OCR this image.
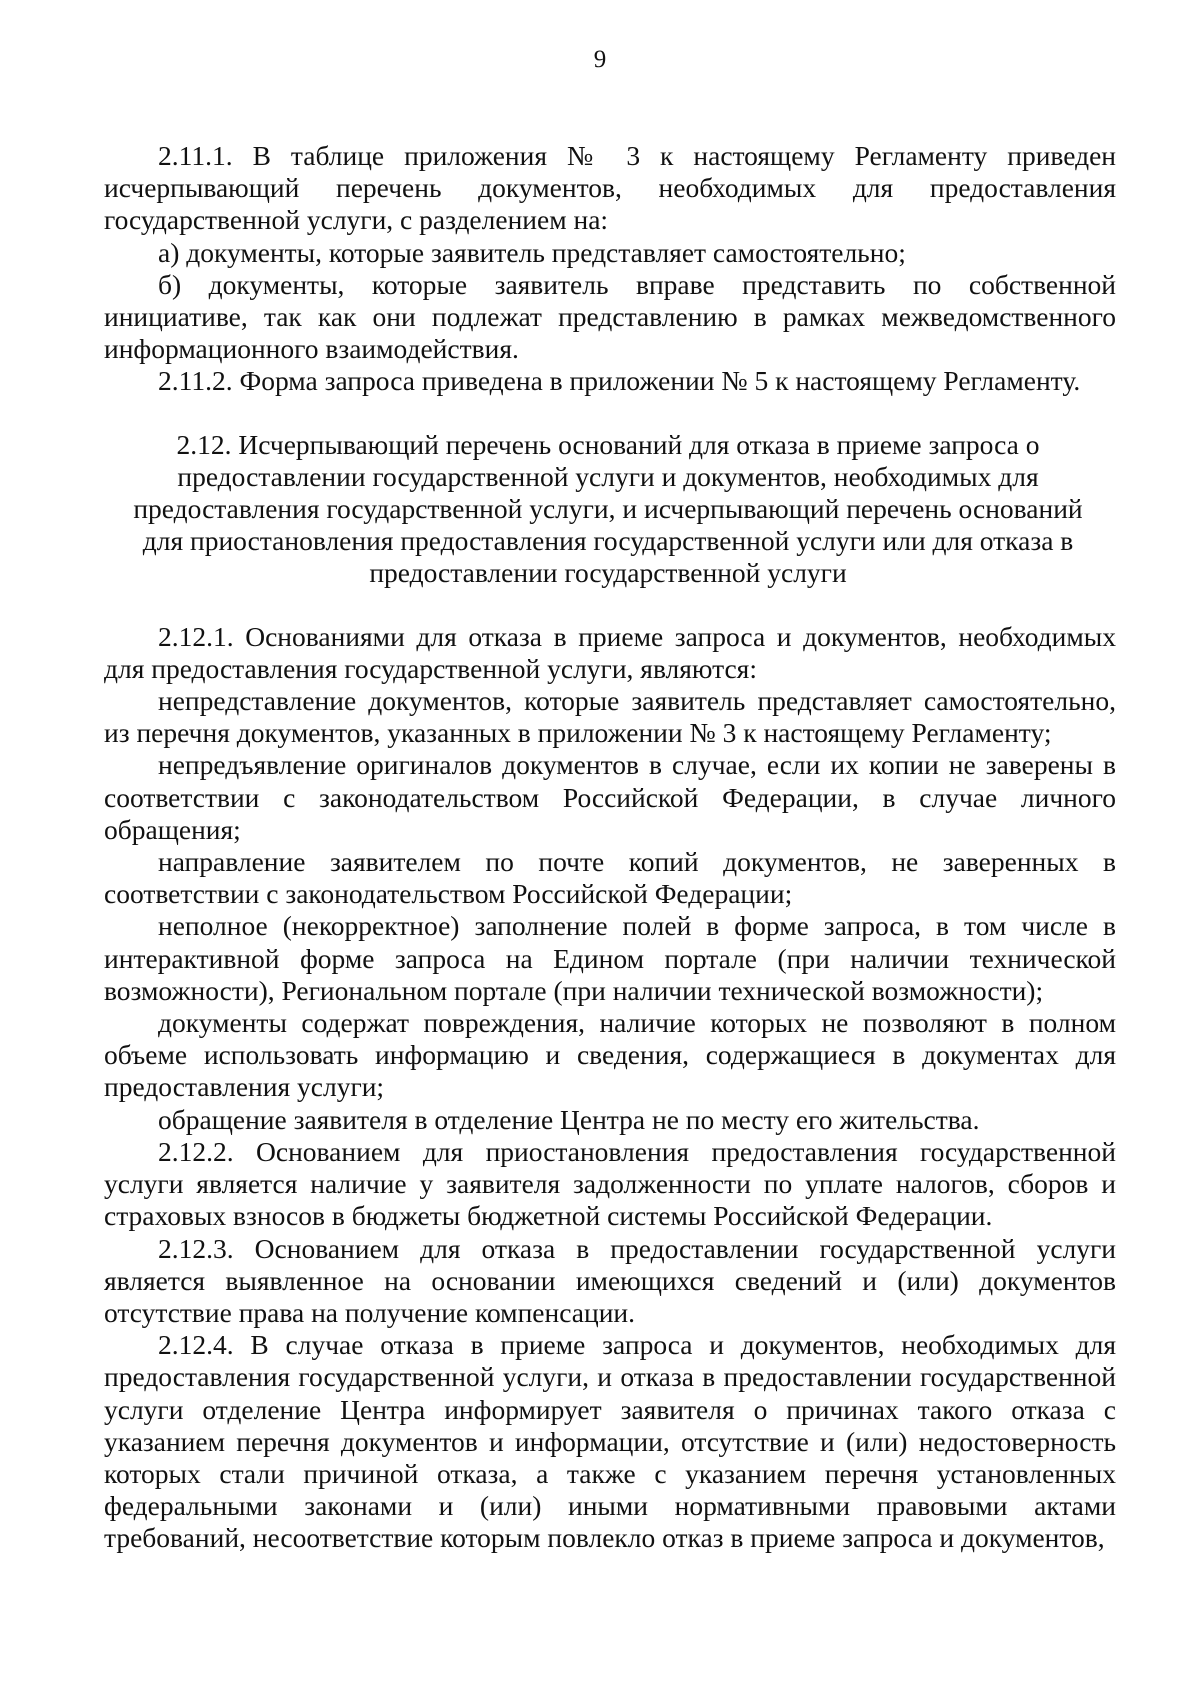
9

2.11.1. В таблице приложения № 3 к настоящему Регламенту приведен исчерпывающий перечень документов, необходимых для предоставления государственной услуги, с разделением на:

а) документы, которые заявитель представляет самостоятельно;

б) документы, которые заявитель вправе представить по собственной инициативе, так как они подлежат представлению в рамках межведомственного информационного взаимодействия.

2.11.2. Форма запроса приведена в приложении № 5 к настоящему Регламенту.

2.12. Исчерпывающий перечень оснований для отказа в приеме запроса о предоставлении государственной услуги и документов, необходимых для предоставления государственной услуги, и исчерпывающий перечень оснований для приостановления предоставления государственной услуги или для отказа в предоставлении государственной услуги

2.12.1. Основаниями для отказа в приеме запроса и документов, необходимых для предоставления государственной услуги, являются:

непредставление документов, которые заявитель представляет самостоятельно, из перечня документов, указанных в приложении № 3 к настоящему Регламенту;

непредъявление оригиналов документов в случае, если их копии не заверены в соответствии с законодательством Российской Федерации, в случае личного обращения;

направление заявителем по почте копий документов, не заверенных в соответствии с законодательством Российской Федерации;

неполное (некорректное) заполнение полей в форме запроса, в том числе в интерактивной форме запроса на Едином портале (при наличии технической возможности), Региональном портале (при наличии технической возможности);

документы содержат повреждения, наличие которых не позволяют в полном объеме использовать информацию и сведения, содержащиеся в документах для предоставления услуги;

обращение заявителя в отделение Центра не по месту его жительства.

2.12.2. Основанием для приостановления предоставления государственной услуги является наличие у заявителя задолженности по уплате налогов, сборов и страховых взносов в бюджеты бюджетной системы Российской Федерации.

2.12.3. Основанием для отказа в предоставлении государственной услуги является выявленное на основании имеющихся сведений и (или) документов отсутствие права на получение компенсации.

2.12.4. В случае отказа в приеме запроса и документов, необходимых для предоставления государственной услуги, и отказа в предоставлении государственной услуги отделение Центра информирует заявителя о причинах такого отказа с указанием перечня документов и информации, отсутствие и (или) недостоверность которых стали причиной отказа, а также с указанием перечня установленных федеральными законами и (или) иными нормативными правовыми актами требований, несоответствие которым повлекло отказ в приеме запроса и документов,
